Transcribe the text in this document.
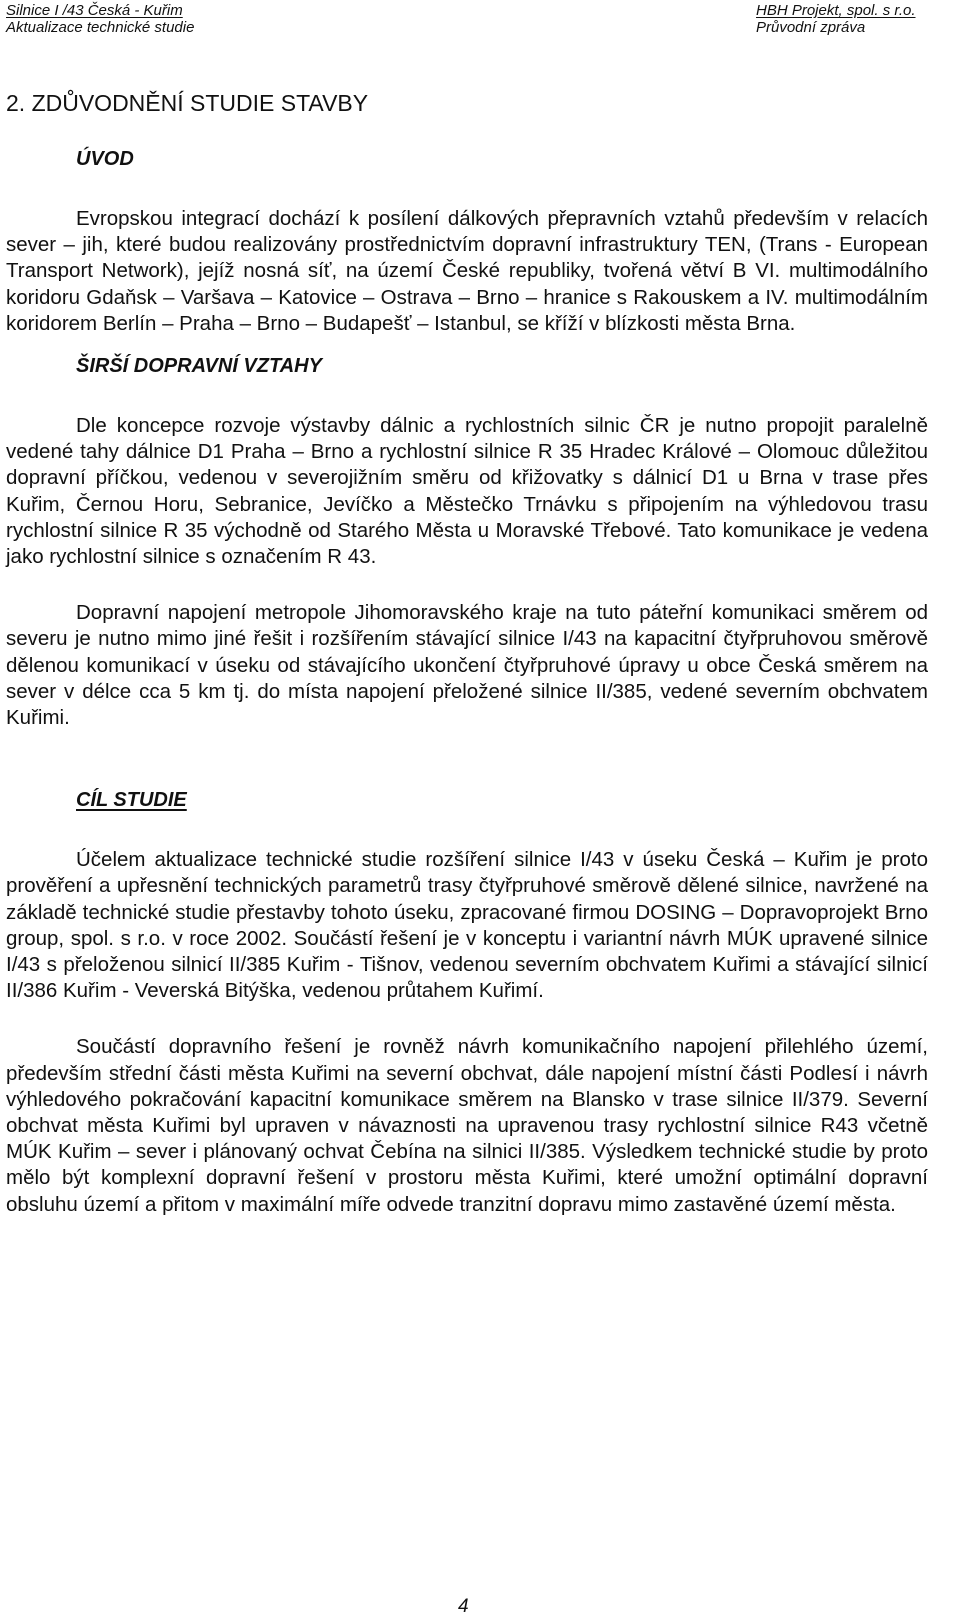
Silnice I /43 Česká - Kuřim
Aktualizace technické studie
HBH Projekt, spol. s r.o.
Průvodní zpráva
2. ZDŮVODNĚNÍ STUDIE STAVBY
ÚVOD

Evropskou integrací dochází k posílení dálkových přepravních vztahů především v relacích sever – jih, které budou realizovány prostřednictvím dopravní infrastruktury TEN, (Trans - European Transport Network), jejíž nosná síť, na území České republiky, tvořená větví B VI. multimodálního koridoru Gdaňsk – Varšava – Katovice – Ostrava – Brno – hranice s Rakouskem a IV. multimodálním koridorem Berlín – Praha – Brno – Budapešť – Istanbul, se kříží v blízkosti města Brna.

ŠIRŠÍ DOPRAVNÍ VZTAHY

Dle koncepce rozvoje výstavby dálnic a rychlostních silnic ČR je nutno propojit paralelně vedené tahy dálnice D1 Praha – Brno a rychlostní silnice R 35 Hradec Králové – Olomouc důležitou dopravní příčkou, vedenou v severojižním směru od křižovatky s dálnicí D1 u Brna v trase přes Kuřim, Černou Horu, Sebranice, Jevíčko a Městečko Trnávku s připojením na výhledovou trasu rychlostní silnice R 35 východně od Starého Města u Moravské Třebové. Tato komunikace je vedena jako rychlostní silnice s označením R 43.

Dopravní napojení metropole Jihomoravského kraje na tuto páteřní komunikaci směrem od severu je nutno mimo jiné řešit i rozšířením stávající silnice I/43 na kapacitní čtyřpruhovou směrově dělenou komunikací v úseku od stávajícího ukončení čtyřpruhové úpravy u obce Česká směrem na sever v délce cca 5 km tj. do místa napojení přeložené silnice II/385, vedené severním obchvatem Kuřimi.

CÍL STUDIE

Účelem aktualizace technické studie rozšíření silnice I/43 v úseku Česká – Kuřim je proto prověření a upřesnění technických parametrů trasy čtyřpruhové směrově dělené silnice, navržené na základě technické studie přestavby tohoto úseku, zpracované firmou DOSING – Dopravoprojekt Brno group, spol. s r.o. v roce 2002. Součástí řešení je v konceptu i variantní návrh MÚK upravené silnice I/43 s přeloženou silnicí II/385 Kuřim - Tišnov, vedenou severním obchvatem Kuřimi a stávající silnicí II/386 Kuřim - Veverská Bitýška, vedenou průtahem Kuřimí.

Součástí dopravního řešení je rovněž návrh komunikačního napojení přilehlého území, především střední části města Kuřimi na severní obchvat, dále napojení místní části Podlesí i návrh výhledového pokračování kapacitní komunikace směrem na Blansko v trase silnice II/379. Severní obchvat města Kuřimi byl upraven v návaznosti na upravenou trasy rychlostní silnice R43 včetně MÚK Kuřim – sever i plánovaný ochvat Čebína na silnici II/385. Výsledkem technické studie by proto mělo být komplexní dopravní řešení v prostoru města Kuřimi, které umožní optimální dopravní obsluhu území a přitom v maximální míře odvede tranzitní dopravu mimo zastavěné území města.

4
